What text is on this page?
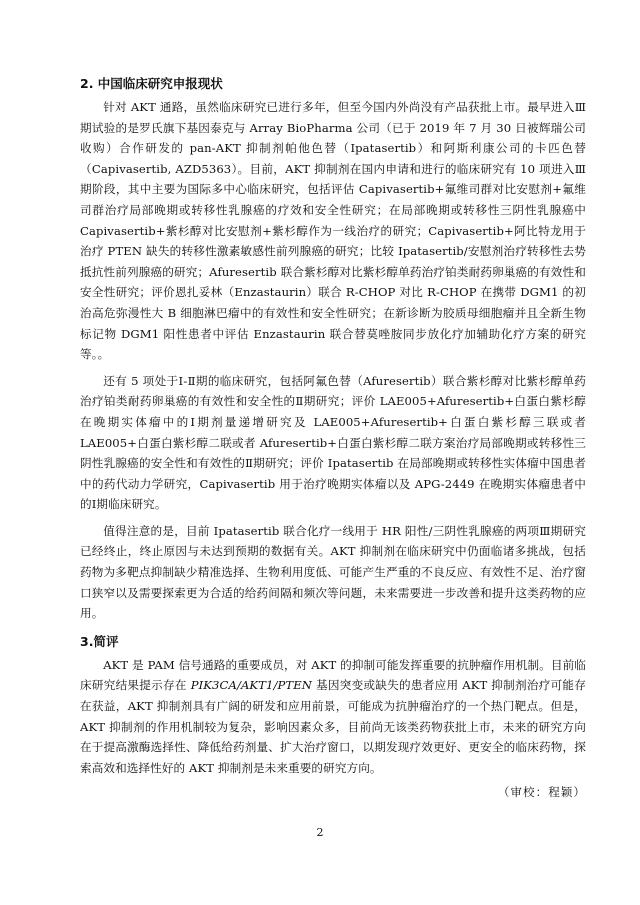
2. 中国临床研究申报现状

针对 AKT 通路，虽然临床研究已进行多年，但至今国内外尚没有产品获批上市。最早进入Ⅲ期试验的是罗氏旗下基因泰克与 Array BioPharma 公司（已于 2019 年 7 月 30 日被辉瑞公司收购）合作研发的 pan-AKT 抑制剂帕他色替（Ipatasertib）和阿斯利康公司的卡匹色替（Capivasertib, AZD5363）。目前，AKT 抑制剂在国内申请和进行的临床研究有 10 项进入Ⅲ期阶段，其中主要为国际多中心临床研究，包括评估 Capivasertib+氟维司群对比安慰剂+氟维司群治疗局部晚期或转移性乳腺癌的疗效和安全性研究；在局部晚期或转移性三阴性乳腺癌中 Capivasertib+紫杉醇对比安慰剂+紫杉醇作为一线治疗的研究；Capivasertib+阿比特龙用于治疗 PTEN 缺失的转移性激素敏感性前列腺癌的研究；比较 Ipatasertib/安慰剂治疗转移性去势抵抗性前列腺癌的研究；Afuresertib 联合紫杉醇对比紫杉醇单药治疗铂类耐药卵巢癌的有效性和安全性研究；评价恩扎妥林（Enzastaurin）联合 R-CHOP 对比 R-CHOP 在携带 DGM1 的初治高危弥漫性大 B 细胞淋巴瘤中的有效性和安全性研究；在新诊断为胶质母细胞瘤并且全新生物标记物 DGM1 阳性患者中评估 Enzastaurin 联合替莫唑胺同步放化疗加辅助化疗方案的研究等。。

还有 5 项处于Ⅰ-Ⅱ期的临床研究，包括阿氟色替（Afuresertib）联合紫杉醇对比紫杉醇单药治疗铂类耐药卵巢癌的有效性和安全性的Ⅱ期研究；评价 LAE005+Afuresertib+白蛋白紫杉醇在晚期实体瘤中的Ⅰ期剂量递增研究及 LAE005+Afuresertib+白蛋白紫杉醇三联或者 LAE005+白蛋白紫杉醇二联或者 Afuresertib+白蛋白紫杉醇二联方案治疗局部晚期或转移性三阴性乳腺癌的安全性和有效性的Ⅱ期研究；评价 Ipatasertib 在局部晚期或转移性实体瘤中国患者中的药代动力学研究，Capivasertib 用于治疗晚期实体瘤以及 APG-2449 在晚期实体瘤患者中的Ⅰ期临床研究。

值得注意的是，目前 Ipatasertib 联合化疗一线用于 HR 阳性/三阴性乳腺癌的两项Ⅲ期研究已经终止，终止原因与未达到预期的数据有关。AKT 抑制剂在临床研究中仍面临诸多挑战，包括药物为多靶点抑制缺少精准选择、生物利用度低、可能产生严重的不良反应、有效性不足、治疗窗口狭窄以及需要探索更为合适的给药间隔和频次等问题，未来需要进一步改善和提升这类药物的应用。

3.简评

AKT 是 PAM 信号通路的重要成员，对 AKT 的抑制可能发挥重要的抗肿瘤作用机制。目前临床研究结果提示存在 PIK3CA/AKT1/PTEN 基因突变或缺失的患者应用 AKT 抑制剂治疗可能存在获益，AKT 抑制剂具有广阔的研发和应用前景，可能成为抗肿瘤治疗的一个热门靶点。但是，AKT 抑制剂的作用机制较为复杂，影响因素众多，目前尚无该类药物获批上市，未来的研究方向在于提高激酶选择性、降低给药剂量、扩大治疗窗口，以期发现疗效更好、更安全的临床药物，探索高效和选择性好的 AKT 抑制剂是未来重要的研究方向。

（审校：程颖）
2
